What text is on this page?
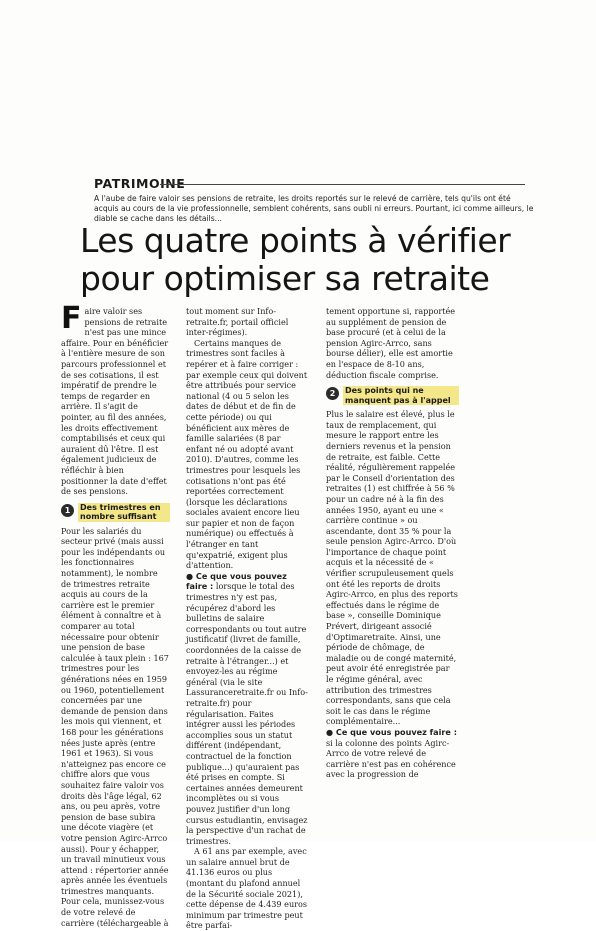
PATRIMOINE
A l'aube de faire valoir ses pensions de retraite, les droits reportés sur le relevé de carrière, tels qu'ils ont été acquis au cours de la vie professionnelle, semblent cohérents, sans oubli ni erreurs. Pourtant, ici comme ailleurs, le diable se cache dans les détails...
Les quatre points à vérifier
pour optimiser sa retraite

Faire valoir ses pensions de retraite n'est pas une mince affaire. Pour en bénéficier à l'entière mesure de son parcours professionnel et de ses cotisations, il est impératif de prendre le temps de regarder en arrière. Il s'agit de pointer, au fil des années, les droits effectivement comptabilisés et ceux qui auraient dû l'être. Il est également judicieux de réfléchir à bien positionner la date d'effet de ses pensions.

1	Des trimestres en nombre suffisant

Pour les salariés du secteur privé (mais aussi pour les indépendants ou les fonctionnaires notamment), le nombre de trimestres retraite acquis au cours de la carrière est le premier élément à connaître et à comparer au total nécessaire pour obtenir une pension de base calculée à taux plein : 167 trimestres pour les générations nées en 1959 ou 1960, potentiellement concernées par une demande de pension dans les mois qui viennent, et 168 pour les générations nées juste après (entre 1961 et 1963). Si vous n'atteignez pas encore ce chiffre alors que vous souhaitez faire valoir vos droits dès l'âge légal, 62 ans, ou peu après, votre pension de base subira une décote viagère (et votre pension Agirc-Arrco aussi). Pour y échapper, un travail minutieux vous attend : répertorier année après année les éventuels trimestres manquants.

Pour cela, munissez-vous de votre relevé de carrière (téléchargeable à

tout moment sur Info-retraite.fr, portail officiel inter-régimes).

Certains manques de trimestres sont faciles à repérer et à faire corriger : par exemple ceux qui doivent être attribués pour service national (4 ou 5 selon les dates de début et de fin de cette période) ou qui bénéficient aux mères de famille salariées (8 par enfant né ou adopté avant 2010). D'autres, comme les trimestres pour lesquels les cotisations n'ont pas été reportées correctement (lorsque les déclarations sociales avaient encore lieu sur papier et non de façon numérique) ou effectués à l'étranger en tant qu'expatrié, exigent plus d'attention.

● Ce que vous pouvez faire : lorsque le total des trimestres n'y est pas, récupérez d'abord les bulletins de salaire correspondants ou tout autre justificatif (livret de famille, coordonnées de la caisse de retraite à l'étranger...) et envoyez-les au régime général (via le site Lassuranceretraite.fr ou Info-retraite.fr) pour régularisation. Faites intégrer aussi les périodes accomplies sous un statut différent (indépendant, contractuel de la fonction publique...) qu'auraient pas été prises en compte. Si certaines années demeurent incomplètes ou si vous pouvez justifier d'un long cursus estudiantin, envisagez la perspective d'un rachat de trimestres.

A 61 ans par exemple, avec un salaire annuel brut de 41.136 euros ou plus (montant du plafond annuel de la Sécurité sociale 2021), cette dépense de 4.439 euros minimum par trimestre peut être parfai-

tement opportune si, rapportée au supplément de pension de base procuré (et à celui de la pension Agirc-Arrco, sans bourse délier), elle est amortie en l'espace de 8-10 ans, déduction fiscale comprise.

2	Des points qui ne manquent pas à l'appel

Plus le salaire est élevé, plus le taux de remplacement, qui mesure le rapport entre les derniers revenus et la pension de retraite, est faible. Cette réalité, régulièrement rappelée par le Conseil d'orientation des retraites (1) est chiffrée à 56 % pour un cadre né à la fin des années 1950, ayant eu une « carrière continue » ou ascendante, dont 35 % pour la seule pension Agirc-Arrco. D'où l'importance de chaque point acquis et la nécessité de « vérifier scrupuleusement quels ont été les reports de droits Agirc-Arrco, en plus des reports effectués dans le régime de base », conseille Dominique Prévert, dirigeant associé d'Optimaretraite. Ainsi, une période de chômage, de maladie ou de congé maternité, peut avoir été enregistrée par le régime général, avec attribution des trimestres correspondants, sans que cela soit le cas dans le régime complémentaire...

● Ce que vous pouvez faire : si la colonne des points Agirc-Arrco de votre relevé de carrière n'est pas en cohérence avec la progression de
